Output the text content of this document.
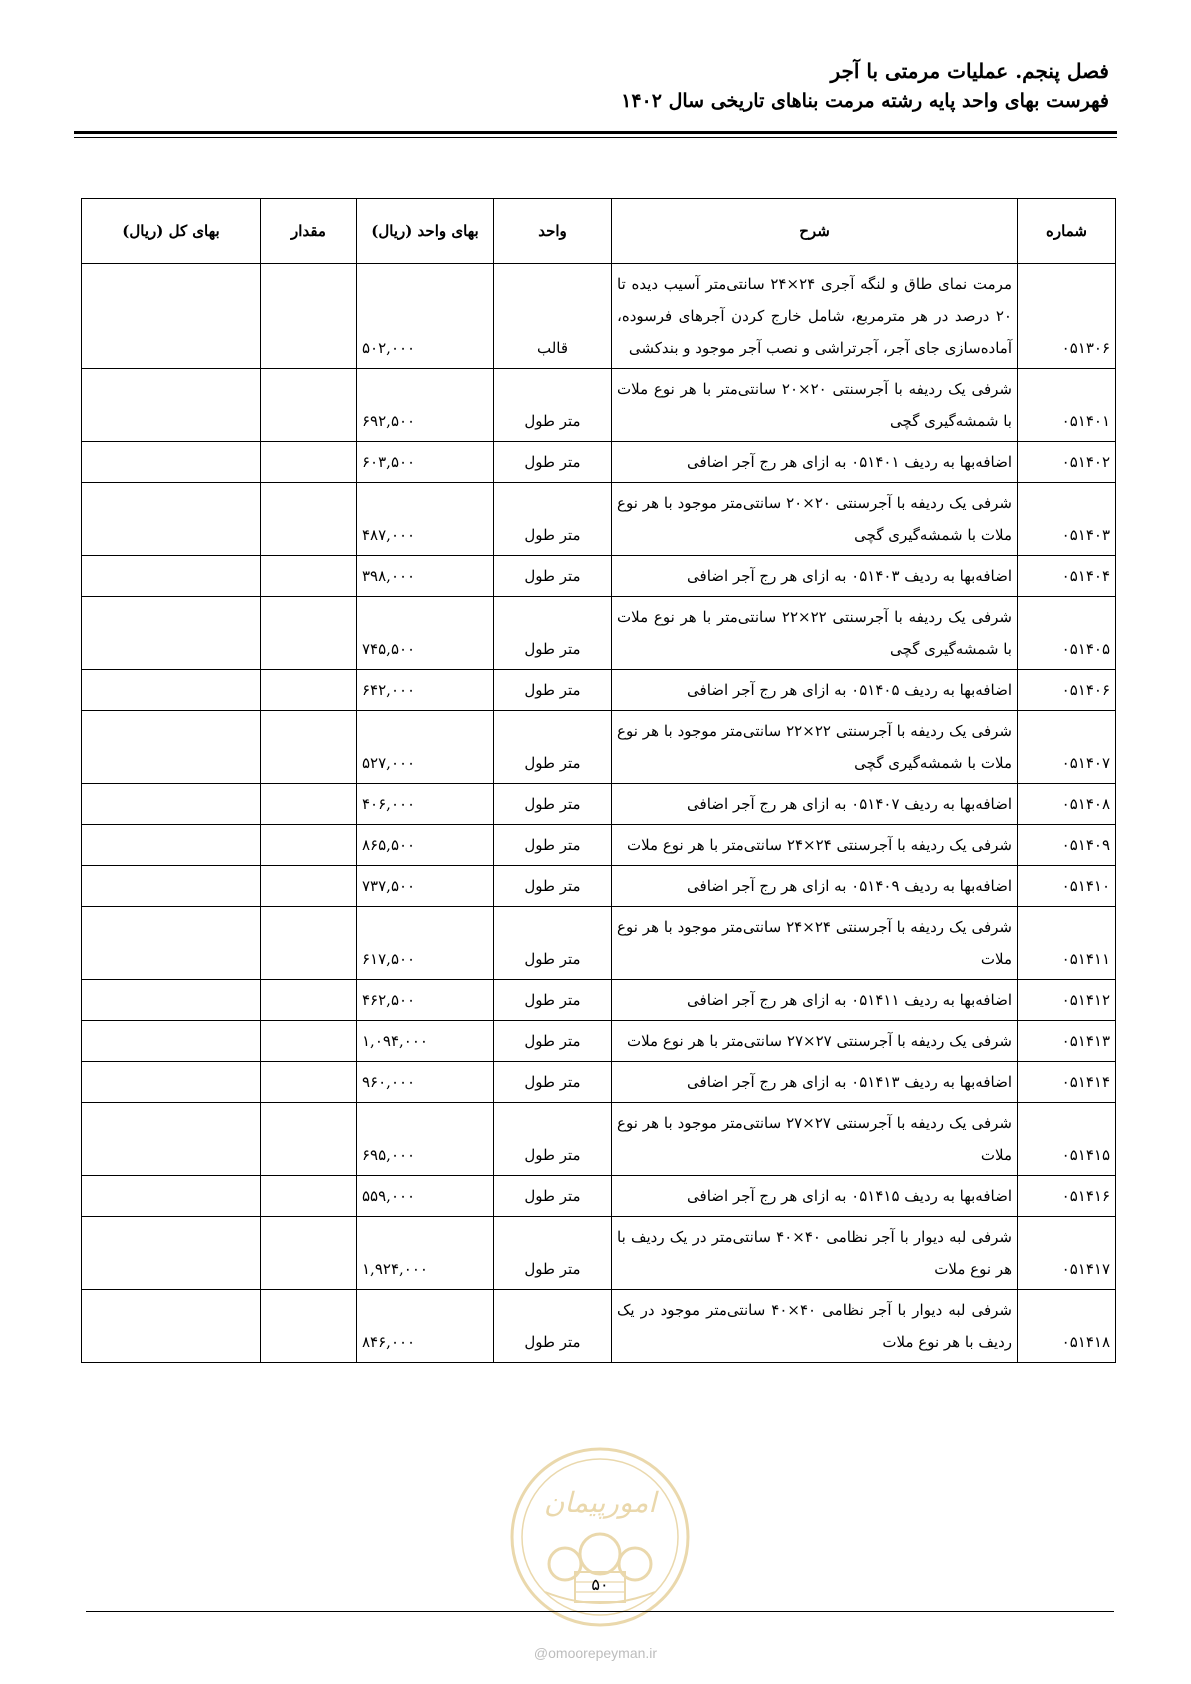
فصل پنجم. عملیات مرمتی با آجر
فهرست بهای واحد پایه رشته مرمت بناهای تاریخی سال ۱۴۰۲
شماره	شرح	واحد	بهای واحد (ریال)	مقدار	بهای کل (ریال)
۰۵۱۳۰۶	مرمت نمای طاق و لنگه آجری ۲۴×۲۴ سانتی‌متر آسیب دیده تا ۲۰ درصد در هر مترمربع، شامل خارج کردن آجرهای فرسوده، آماده‌سازی جای آجر، آجرتراشی و نصب آجر موجود و بندکشی	قالب	۵۰۲,۰۰۰		
۰۵۱۴۰۱	شرفی یک ردیفه با آجرسنتی ۲۰×۲۰ سانتی‌متر با هر نوع ملات با شمشه‌گیری گچی	متر طول	۶۹۲,۵۰۰		
۰۵۱۴۰۲	اضافه‌بها به ردیف ۰۵۱۴۰۱ به ازای هر رج آجر اضافی	متر طول	۶۰۳,۵۰۰		
۰۵۱۴۰۳	شرفی یک ردیفه با آجرسنتی ۲۰×۲۰ سانتی‌متر موجود با هر نوع ملات با شمشه‌گیری گچی	متر طول	۴۸۷,۰۰۰		
۰۵۱۴۰۴	اضافه‌بها به ردیف ۰۵۱۴۰۳ به ازای هر رج آجر اضافی	متر طول	۳۹۸,۰۰۰		
۰۵۱۴۰۵	شرفی یک ردیفه با آجرسنتی ۲۲×۲۲ سانتی‌متر با هر نوع ملات با شمشه‌گیری گچی	متر طول	۷۴۵,۵۰۰		
۰۵۱۴۰۶	اضافه‌بها به ردیف ۰۵۱۴۰۵ به ازای هر رج آجر اضافی	متر طول	۶۴۲,۰۰۰		
۰۵۱۴۰۷	شرفی یک ردیفه با آجرسنتی ۲۲×۲۲ سانتی‌متر موجود با هر نوع ملات با شمشه‌گیری گچی	متر طول	۵۲۷,۰۰۰		
۰۵۱۴۰۸	اضافه‌بها به ردیف ۰۵۱۴۰۷ به ازای هر رج آجر اضافی	متر طول	۴۰۶,۰۰۰		
۰۵۱۴۰۹	شرفی یک ردیفه با آجرسنتی ۲۴×۲۴ سانتی‌متر با هر نوع ملات	متر طول	۸۶۵,۵۰۰		
۰۵۱۴۱۰	اضافه‌بها به ردیف ۰۵۱۴۰۹ به ازای هر رج آجر اضافی	متر طول	۷۳۷,۵۰۰		
۰۵۱۴۱۱	شرفی یک ردیفه با آجرسنتی ۲۴×۲۴ سانتی‌متر موجود با هر نوع ملات	متر طول	۶۱۷,۵۰۰		
۰۵۱۴۱۲	اضافه‌بها به ردیف ۰۵۱۴۱۱ به ازای هر رج آجر اضافی	متر طول	۴۶۲,۵۰۰		
۰۵۱۴۱۳	شرفی یک ردیفه با آجرسنتی ۲۷×۲۷ سانتی‌متر با هر نوع ملات	متر طول	۱,۰۹۴,۰۰۰		
۰۵۱۴۱۴	اضافه‌بها به ردیف ۰۵۱۴۱۳ به ازای هر رج آجر اضافی	متر طول	۹۶۰,۰۰۰		
۰۵۱۴۱۵	شرفی یک ردیفه با آجرسنتی ۲۷×۲۷ سانتی‌متر موجود با هر نوع ملات	متر طول	۶۹۵,۰۰۰		
۰۵۱۴۱۶	اضافه‌بها به ردیف ۰۵۱۴۱۵ به ازای هر رج آجر اضافی	متر طول	۵۵۹,۰۰۰		
۰۵۱۴۱۷	شرفی لبه دیوار با آجر نظامی ۴۰×۴۰ سانتی‌متر در یک ردیف با هر نوع ملات	متر طول	۱,۹۲۴,۰۰۰		
۰۵۱۴۱۸	شرفی لبه دیوار با آجر نظامی ۴۰×۴۰ سانتی‌متر موجود در یک ردیف با هر نوع ملات	متر طول	۸۴۶,۰۰۰		
امورپیمان
۵۰
@omoorepeyman.ir
